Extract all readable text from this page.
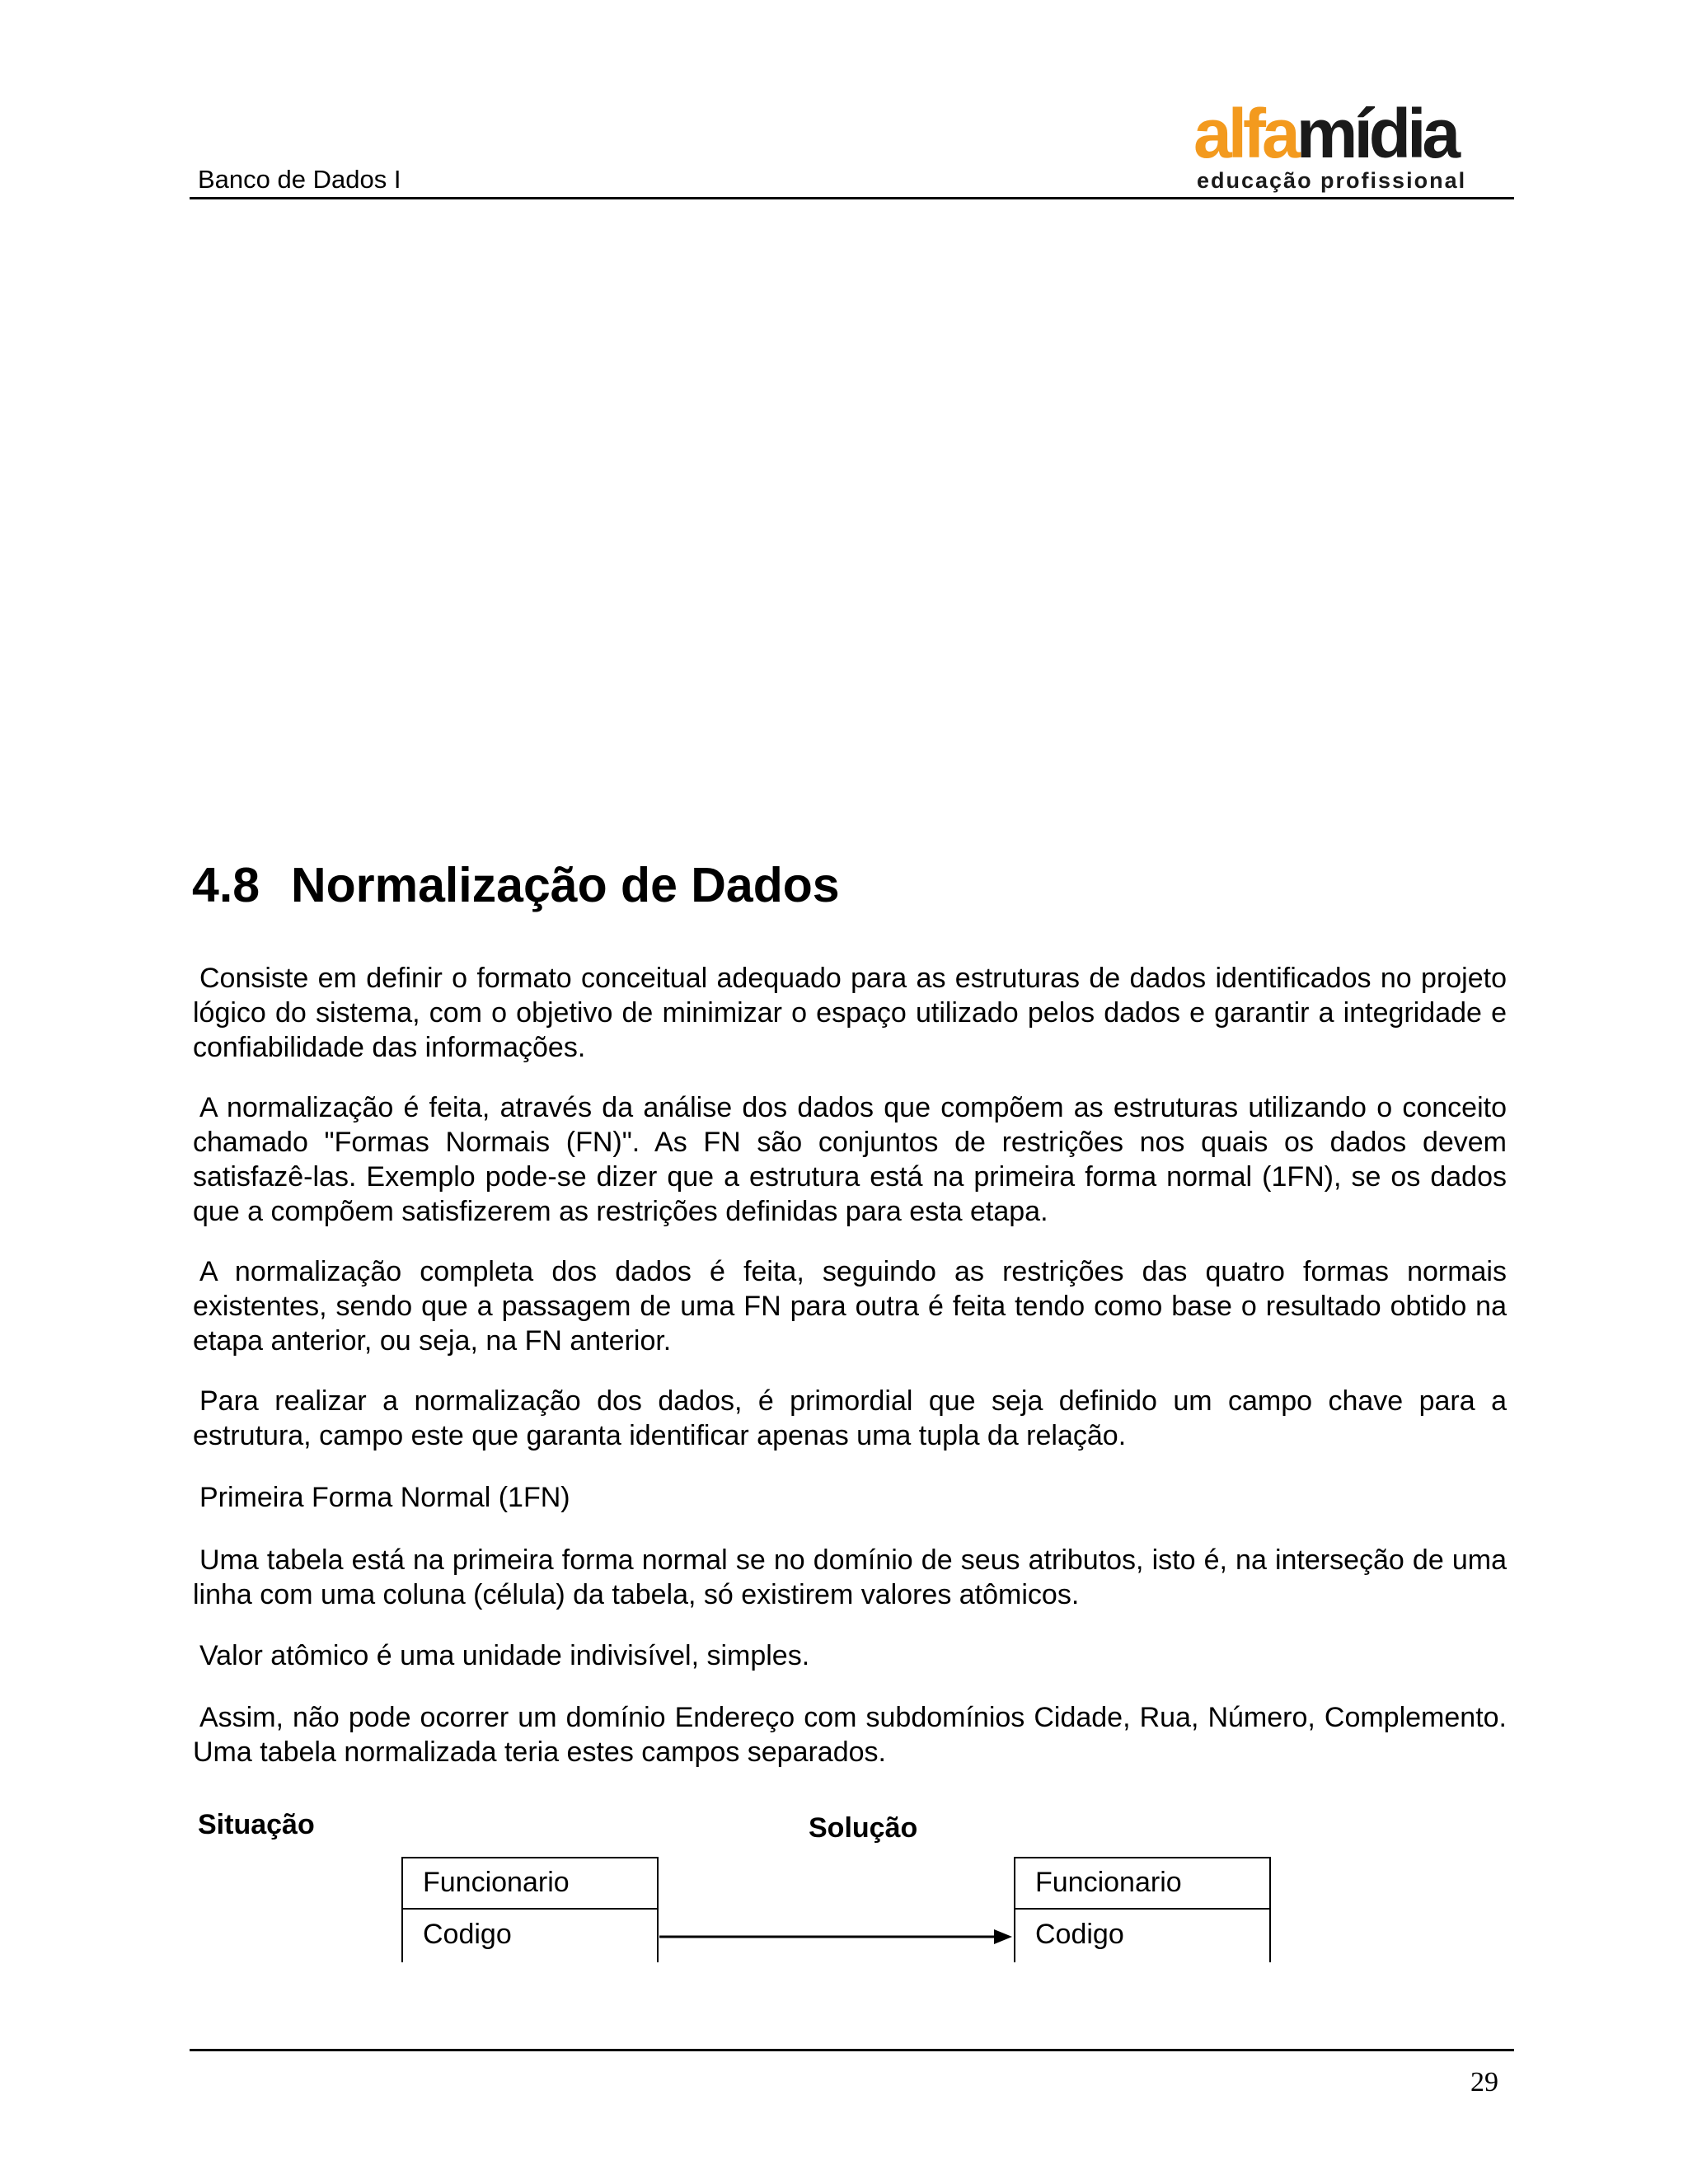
Banco de Dados I
alfamídia
educação profissional
4.8 Normalização de Dados

Consiste em definir o formato conceitual adequado para as estruturas de dados identificados no projeto lógico do sistema, com o objetivo de minimizar o espaço utilizado pelos dados e garantir a integridade e confiabilidade das informações.

A normalização é feita, através da análise dos dados que compõem as estruturas utilizando o conceito chamado "Formas Normais (FN)". As FN são conjuntos de restrições nos quais os dados devem satisfazê-las. Exemplo pode-se dizer que a estrutura está na primeira forma normal (1FN), se os dados que a compõem satisfizerem as restrições definidas para esta etapa.

A normalização completa dos dados é feita, seguindo as restrições das quatro formas normais existentes, sendo que a passagem de uma FN para outra é feita tendo como base o resultado obtido na etapa anterior, ou seja, na FN anterior.

Para realizar a normalização dos dados, é primordial que seja definido um campo chave para a estrutura, campo este que garanta identificar apenas uma tupla da relação.

Primeira Forma Normal (1FN)

Uma tabela está na primeira forma normal se no domínio de seus atributos, isto é, na interseção de uma linha com uma coluna (célula) da tabela, só existirem valores atômicos.

Valor atômico é uma unidade indivisível, simples.

Assim, não pode ocorrer um domínio Endereço com subdomínios Cidade, Rua, Número, Complemento. Uma tabela normalizada teria estes campos separados.

Situação	Solução
Funcionario
Codigo
Funcionario
Codigo
29
